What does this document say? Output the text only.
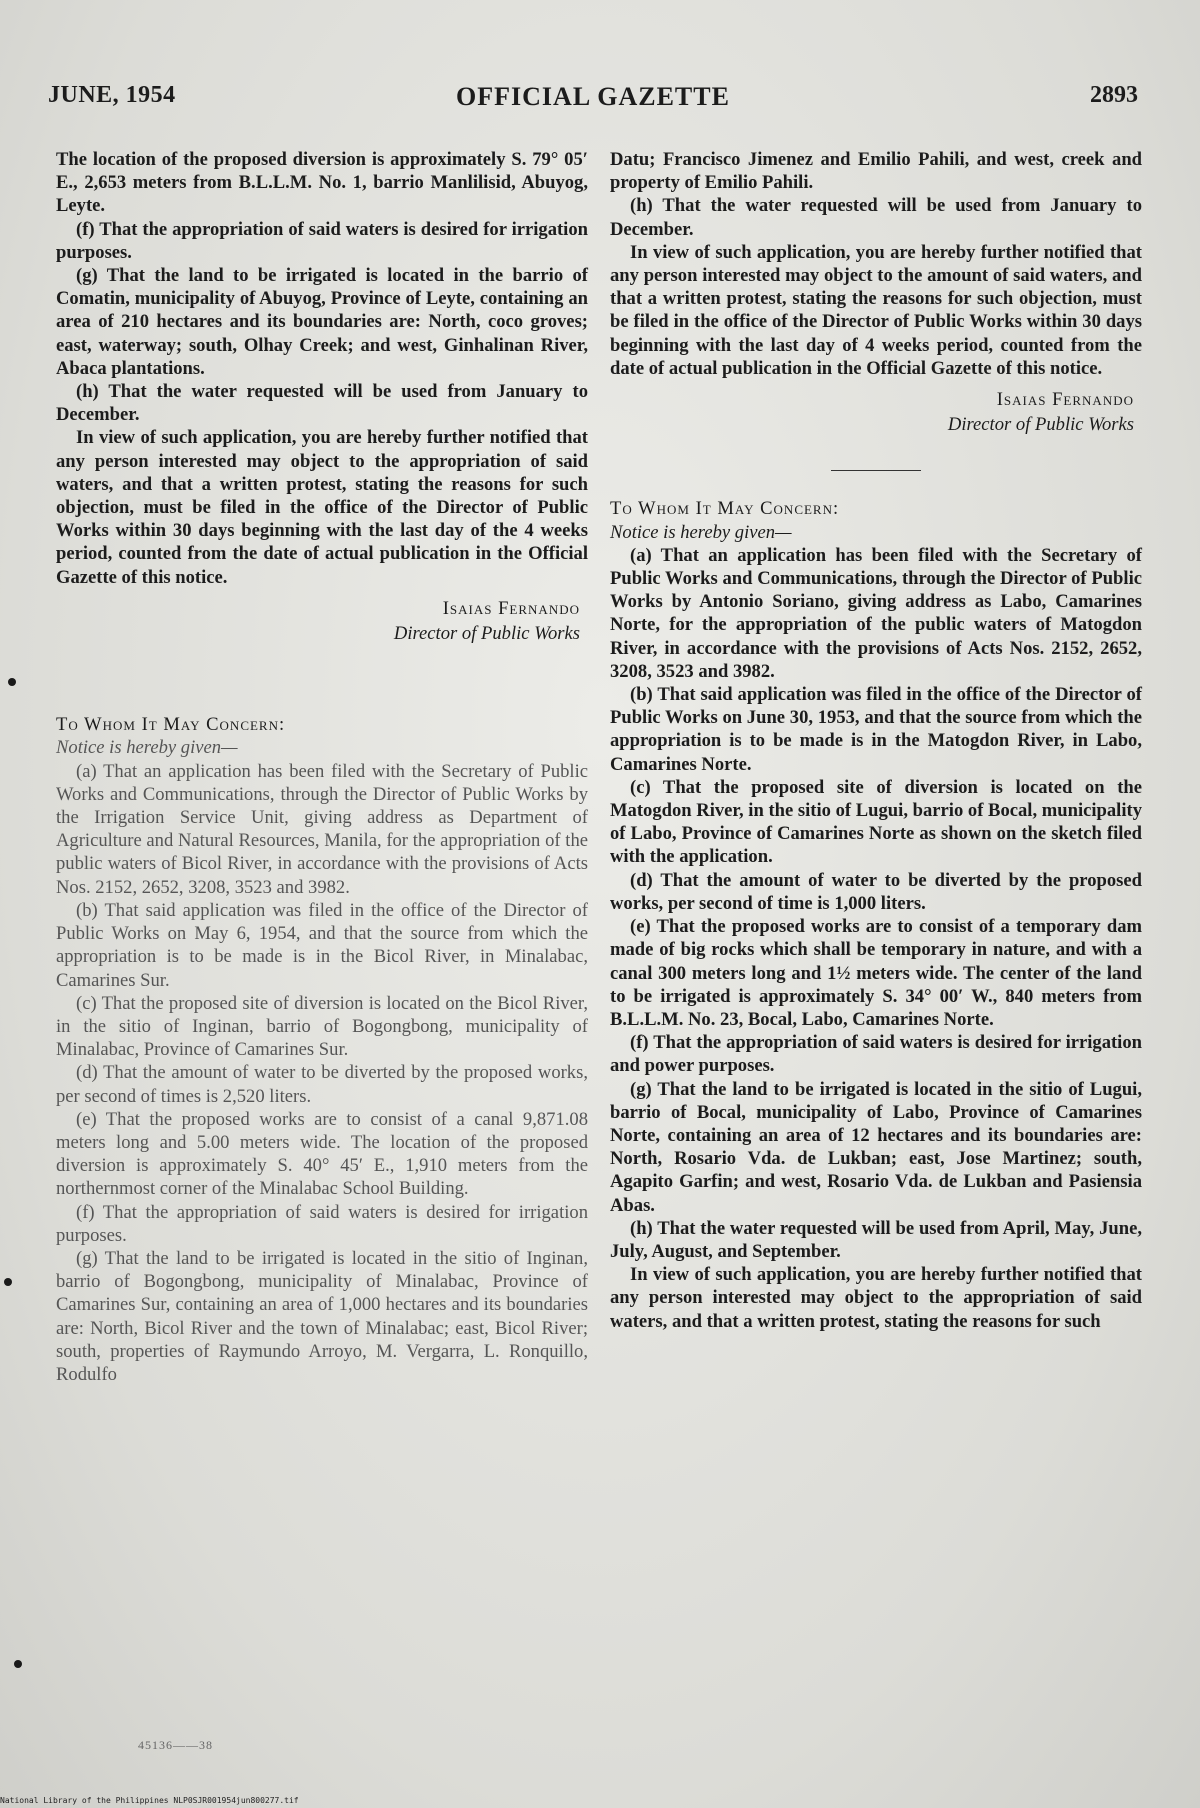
JUNE, 1954	OFFICIAL GAZETTE	2893

The location of the proposed diversion is approximately S. 79° 05′ E., 2,653 meters from B.L.L.M. No. 1, barrio Manlilisid, Abuyog, Leyte.

(f) That the appropriation of said waters is desired for irrigation purposes.

(g) That the land to be irrigated is located in the barrio of Comatin, municipality of Abuyog, Province of Leyte, containing an area of 210 hectares and its boundaries are: North, coco groves; east, waterway; south, Olhay Creek; and west, Ginhalinan River, Abaca plantations.

(h) That the water requested will be used from January to December.

In view of such application, you are hereby further notified that any person interested may object to the appropriation of said waters, and that a written protest, stating the reasons for such objection, must be filed in the office of the Director of Public Works within 30 days beginning with the last day of the 4 weeks period, counted from the date of actual publication in the Official Gazette of this notice.

Isaias Fernando
Director of Public Works

To Whom It May Concern:

Notice is hereby given—

(a) That an application has been filed with the Secretary of Public Works and Communications, through the Director of Public Works by the Irrigation Service Unit, giving address as Department of Agriculture and Natural Resources, Manila, for the appropriation of the public waters of Bicol River, in accordance with the provisions of Acts Nos. 2152, 2652, 3208, 3523 and 3982.

(b) That said application was filed in the office of the Director of Public Works on May 6, 1954, and that the source from which the appropriation is to be made is in the Bicol River, in Minalabac, Camarines Sur.

(c) That the proposed site of diversion is located on the Bicol River, in the sitio of Inginan, barrio of Bogongbong, municipality of Minalabac, Province of Camarines Sur.

(d) That the amount of water to be diverted by the proposed works, per second of times is 2,520 liters.

(e) That the proposed works are to consist of a canal 9,871.08 meters long and 5.00 meters wide. The location of the proposed diversion is approximately S. 40° 45′ E., 1,910 meters from the northernmost corner of the Minalabac School Building.

(f) That the appropriation of said waters is desired for irrigation purposes.

(g) That the land to be irrigated is located in the sitio of Inginan, barrio of Bogongbong, municipality of Minalabac, Province of Camarines Sur, containing an area of 1,000 hectares and its boundaries are: North, Bicol River and the town of Minalabac; east, Bicol River; south, properties of Raymundo Arroyo, M. Vergarra, L. Ronquillo, Rodulfo

Datu; Francisco Jimenez and Emilio Pahili, and west, creek and property of Emilio Pahili.

(h) That the water requested will be used from January to December.

In view of such application, you are hereby further notified that any person interested may object to the amount of said waters, and that a written protest, stating the reasons for such objection, must be filed in the office of the Director of Public Works within 30 days beginning with the last day of 4 weeks period, counted from the date of actual publication in the Official Gazette of this notice.

Isaias Fernando
Director of Public Works

To Whom It May Concern:

Notice is hereby given—

(a) That an application has been filed with the Secretary of Public Works and Communications, through the Director of Public Works by Antonio Soriano, giving address as Labo, Camarines Norte, for the appropriation of the public waters of Matogdon River, in accordance with the provisions of Acts Nos. 2152, 2652, 3208, 3523 and 3982.

(b) That said application was filed in the office of the Director of Public Works on June 30, 1953, and that the source from which the appropriation is to be made is in the Matogdon River, in Labo, Camarines Norte.

(c) That the proposed site of diversion is located on the Matogdon River, in the sitio of Lugui, barrio of Bocal, municipality of Labo, Province of Camarines Norte as shown on the sketch filed with the application.

(d) That the amount of water to be diverted by the proposed works, per second of time is 1,000 liters.

(e) That the proposed works are to consist of a temporary dam made of big rocks which shall be temporary in nature, and with a canal 300 meters long and 1½ meters wide. The center of the land to be irrigated is approximately S. 34° 00′ W., 840 meters from B.L.L.M. No. 23, Bocal, Labo, Camarines Norte.

(f) That the appropriation of said waters is desired for irrigation and power purposes.

(g) That the land to be irrigated is located in the sitio of Lugui, barrio of Bocal, municipality of Labo, Province of Camarines Norte, containing an area of 12 hectares and its boundaries are: North, Rosario Vda. de Lukban; east, Jose Martinez; south, Agapito Garfin; and west, Rosario Vda. de Lukban and Pasiensia Abas.

(h) That the water requested will be used from April, May, June, July, August, and September.

In view of such application, you are hereby further notified that any person interested may object to the appropriation of said waters, and that a written protest, stating the reasons for such

45136——38
National Library of the Philippines NLP0SJR001954jun800277.tif
